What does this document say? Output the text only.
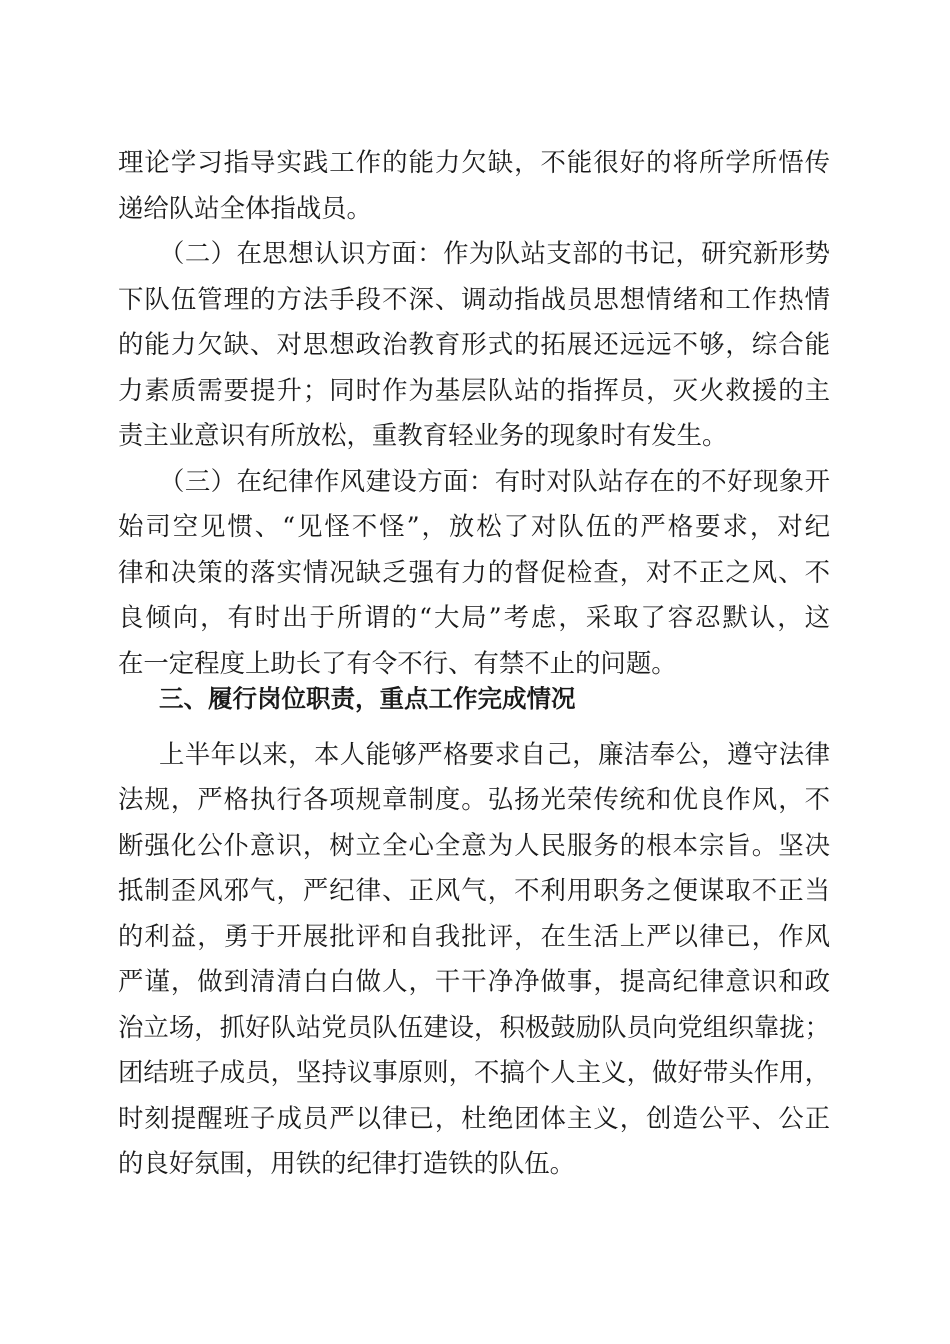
理论学习指导实践工作的能力欠缺，不能很好的将所学所悟传
递给队站全体指战员。
（二）在思想认识方面：作为队站支部的书记，研究新形势
下队伍管理的方法手段不深、调动指战员思想情绪和工作热情
的能力欠缺、对思想政治教育形式的拓展还远远不够，综合能
力素质需要提升；同时作为基层队站的指挥员，灭火救援的主
责主业意识有所放松，重教育轻业务的现象时有发生。
（三）在纪律作风建设方面：有时对队站存在的不好现象开
始司空见惯、“见怪不怪”，放松了对队伍的严格要求，对纪
律和决策的落实情况缺乏强有力的督促检查，对不正之风、不
良倾向，有时出于所谓的“大局”考虑，采取了容忍默认，这
在一定程度上助长了有令不行、有禁不止的问题。
三、履行岗位职责，重点工作完成情况
上半年以来，本人能够严格要求自己，廉洁奉公，遵守法律
法规，严格执行各项规章制度。弘扬光荣传统和优良作风，不
断强化公仆意识，树立全心全意为人民服务的根本宗旨。坚决
抵制歪风邪气，严纪律、正风气，不利用职务之便谋取不正当
的利益，勇于开展批评和自我批评，在生活上严以律已，作风
严谨，做到清清白白做人，干干净净做事，提高纪律意识和政
治立场，抓好队站党员队伍建设，积极鼓励队员向党组织靠拢；
团结班子成员，坚持议事原则，不搞个人主义，做好带头作用，
时刻提醒班子成员严以律已，杜绝团体主义，创造公平、公正
的良好氛围，用铁的纪律打造铁的队伍。
